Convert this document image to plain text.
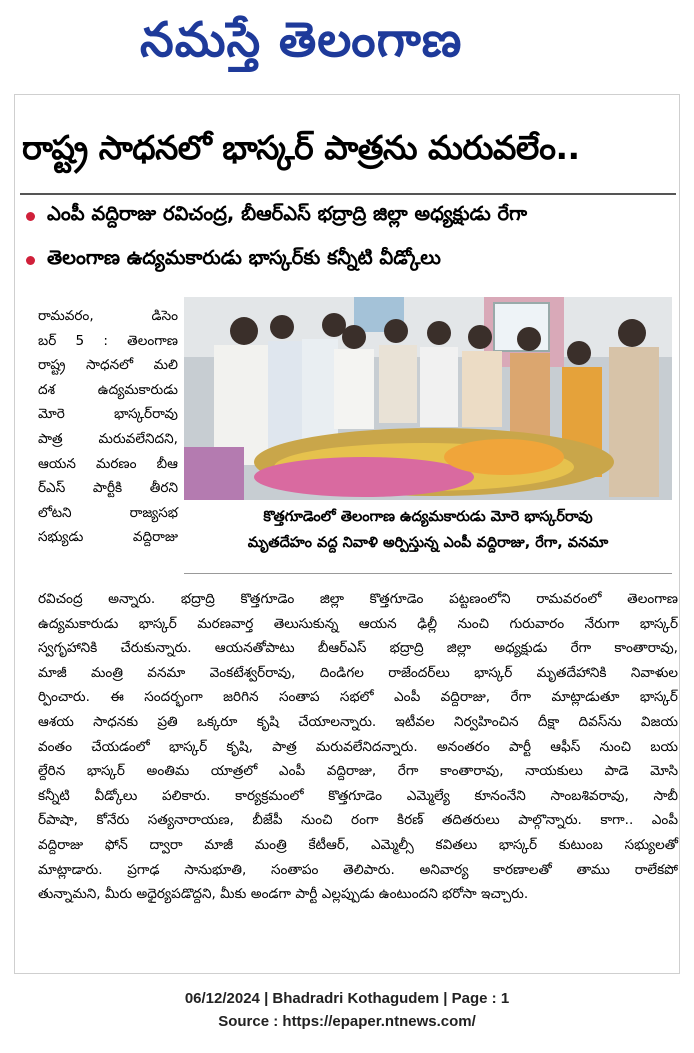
నమస్తే తెలంగాణ
రాష్ట్ర సాధనలో భాస్కర్ పాత్రను మరువలేం..
ఎంపీ వద్దిరాజు రవిచంద్ర, బీఆర్ఎస్ భద్రాద్రి జిల్లా అధ్యక్షుడు రేగా
తెలంగాణ ఉద్యమకారుడు భాస్కర్‌కు కన్నీటి వీడ్కోలు
కొత్తగూడెంలో తెలంగాణ ఉద్యమకారుడు మోరె భాస్కర్‌రావు
మృతదేహం వద్ద నివాళి అర్పిస్తున్న ఎంపీ వద్దిరాజు, రేగా, వనమా
రామవరం, డిసెం
బర్ 5 : తెలంగాణ
రాష్ట్ర సాధనలో మలి
దశ ఉద్యమకారుడు
మోరె భాస్కర్‌రావు
పాత్ర మరువలేనిదని,
ఆయన మరణం బీఆ
ర్ఎస్ పార్టీకి తీరని
లోటని రాజ్యసభ
సభ్యుడు వద్దిరాజు
రవిచంద్ర అన్నారు. భద్రాద్రి కొత్తగూడెం జిల్లా కొత్తగూడెం పట్టణంలోని రామవరంలో తెలంగాణ
ఉద్యమకారుడు భాస్కర్ మరణవార్త తెలుసుకున్న ఆయన ఢిల్లీ నుంచి గురువారం నేరుగా భాస్కర్
స్వగృహానికి చేరుకున్నారు. ఆయనతోపాటు బీఆర్ఎస్ భద్రాద్రి జిల్లా అధ్యక్షుడు రేగా కాంతారావు,
మాజీ మంత్రి వనమా వెంకటేశ్వర్‌రావు, దిండిగల రాజేందర్‌లు భాస్కర్ మృతదేహానికి నివాళుల
ర్పించారు. ఈ సందర్భంగా జరిగిన సంతాప సభలో ఎంపీ వద్దిరాజు, రేగా మాట్లాడుతూ భాస్కర్
ఆశయ సాధనకు ప్రతి ఒక్కరూ కృషి చేయాలన్నారు. ఇటీవల నిర్వహించిన దీక్షా దివస్‌ను విజయ
వంతం చేయడంలో భాస్కర్ కృషి, పాత్ర మరువలేనిదన్నారు. అనంతరం పార్టీ ఆఫీస్ నుంచి బయ
ల్దేరిన భాస్కర్ అంతిమ యాత్రలో ఎంపీ వద్దిరాజు, రేగా కాంతారావు, నాయకులు పాడె మోసి
కన్నీటి వీడ్కోలు పలికారు. కార్యక్రమంలో కొత్తగూడెం ఎమ్మెల్యే కూనంనేని సాంబశివరావు, సాబీ
ర్‌పాషా, కోనేరు సత్యనారాయణ, బీజేపీ నుంచి రంగా కిరణ్ తదితరులు పాల్గొన్నారు. కాగా.. ఎంపీ
వద్దిరాజు ఫోన్ ద్వారా మాజీ మంత్రి కేటీఆర్, ఎమ్మెల్సీ కవితలు భాస్కర్ కుటుంబ సభ్యులతో
మాట్లాడారు. ప్రగాఢ సానుభూతి, సంతాపం తెలిపారు. అనివార్య కారణాలతో తాము రాలేకపో
తున్నామని, మీరు అధైర్యపడొద్దని, మీకు అండగా పార్టీ ఎల్లప్పుడు ఉంటుందని భరోసా ఇచ్చారు.
06/12/2024 | Bhadradri Kothagudem | Page : 1
Source : https://epaper.ntnews.com/
